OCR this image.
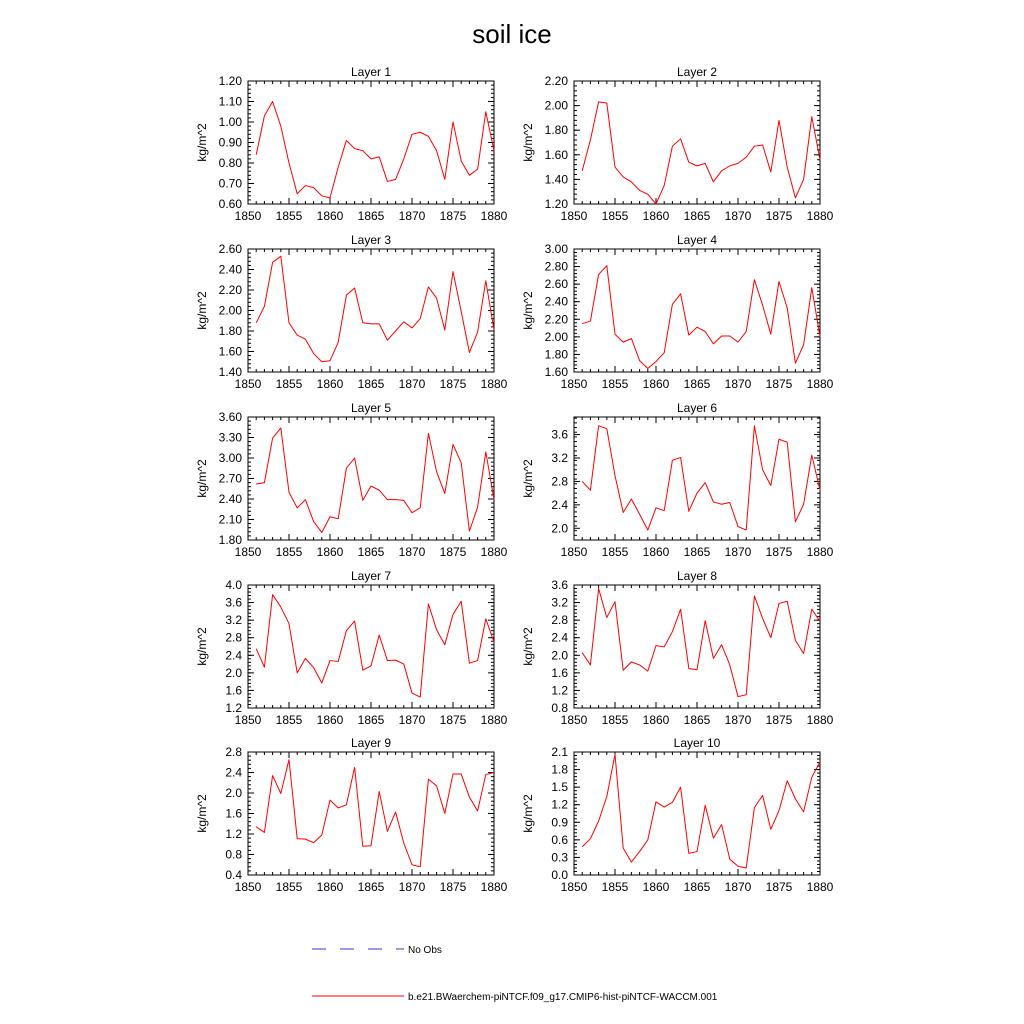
soil ice
Layer 1
kg/m^2
1850 1855 1860 1865 1870 1875 1880
0.60
0.70
0.80
0.90
1.00
1.10
1.20
Layer 2
kg/m^2
1850 1855 1860 1865 1870 1875 1880
1.20
1.40
1.60
1.80
2.00
2.20
Layer 3
kg/m^2
1850 1855 1860 1865 1870 1875 1880
1.40
1.60
1.80
2.00
2.20
2.40
2.60
Layer 4
kg/m^2
1850 1855 1860 1865 1870 1875 1880
1.60
1.80
2.00
2.20
2.40
2.60
2.80
3.00
Layer 5
kg/m^2
1850 1855 1860 1865 1870 1875 1880
1.80
2.10
2.40
2.70
3.00
3.30
3.60
Layer 6
kg/m^2
1850 1855 1860 1865 1870 1875 1880
2.0
2.4
2.8
3.2
3.6
Layer 7
kg/m^2
1850 1855 1860 1865 1870 1875 1880
1.2
1.6
2.0
2.4
2.8
3.2
3.6
4.0
Layer 8
kg/m^2
1850 1855 1860 1865 1870 1875 1880
0.8
1.2
1.6
2.0
2.4
2.8
3.2
3.6
Layer 9
kg/m^2
1850 1855 1860 1865 1870 1875 1880
0.4
0.8
1.2
1.6
2.0
2.4
2.8
Layer 10
kg/m^2
1850 1855 1860 1865 1870 1875 1880
0.0
0.3
0.6
0.9
1.2
1.5
1.8
2.1
No Obs
b.e21.BWaerchem-piNTCF.f09_g17.CMIP6-hist-piNTCF-WACCM.001
